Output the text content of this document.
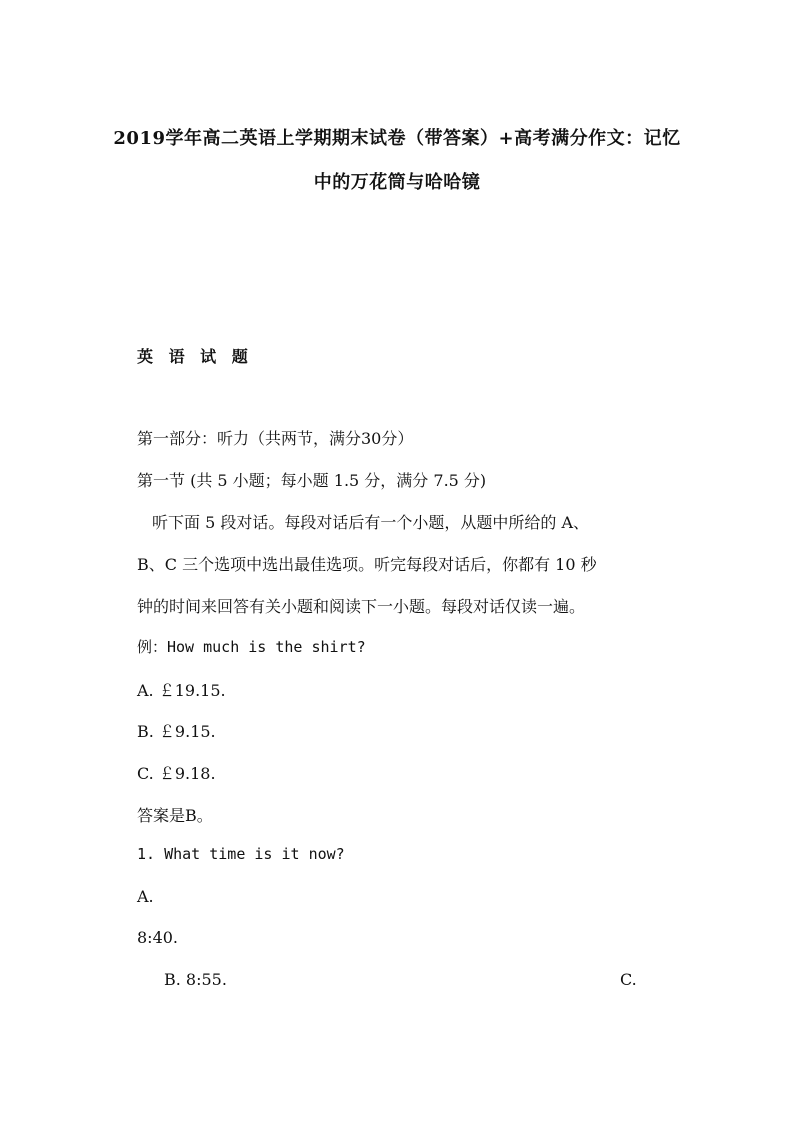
2019学年高二英语上学期期末试卷（带答案）+高考满分作文：记忆
中的万花筒与哈哈镜
英 语 试 题
第一部分：听力（共两节，满分30分）
第一节 (共 5 小题；每小题 1.5 分，满分 7.5 分)
听下面 5 段对话。每段对话后有一个小题，从题中所给的 A、
B、C 三个选项中选出最佳选项。听完每段对话后，你都有 10 秒
钟的时间来回答有关小题和阅读下一小题。每段对话仅读一遍。
例：How much is the shirt?
A. ￡19.15.
B. ￡9.15.
C. ￡9.18.
答案是B。
1. What time is it now?
A.
8:40.
B. 8:55.	C.
